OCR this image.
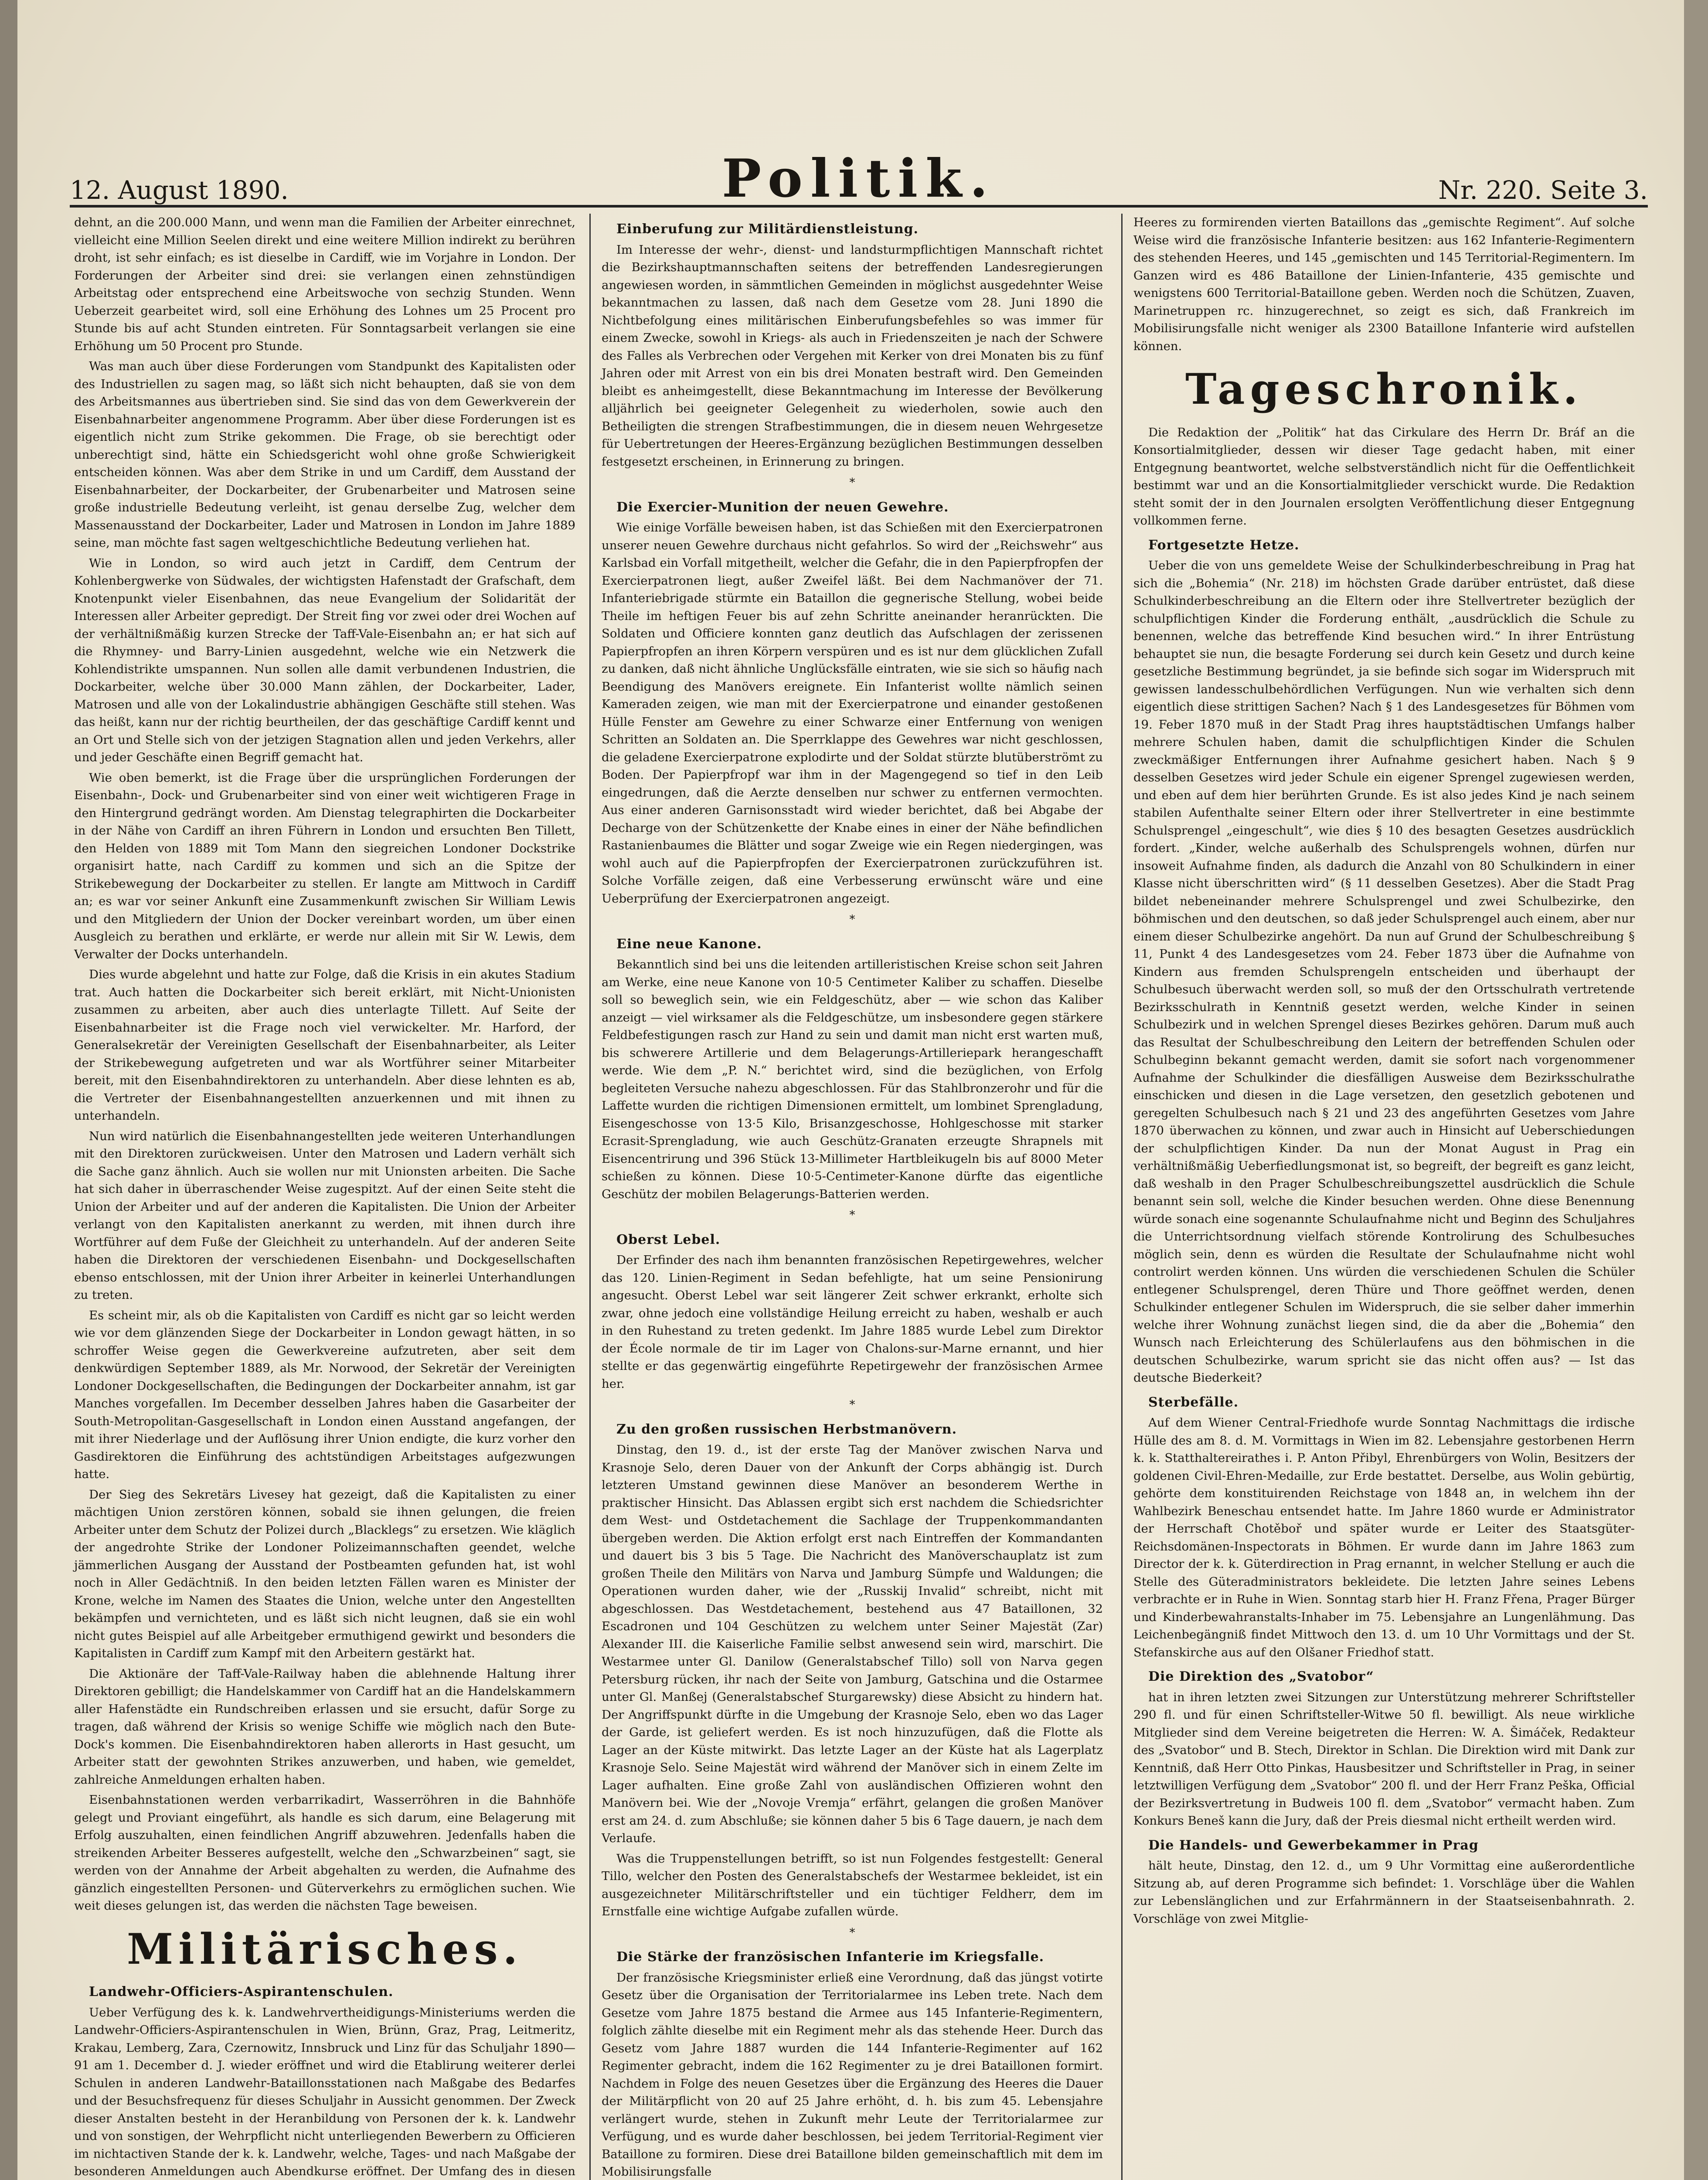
12. August 1890.	Politik.	Nr. 220. Seite 3.

dehnt, an die 200.000 Mann, und wenn man die Familien der Arbeiter einrechnet, vielleicht eine Million Seelen direkt und eine weitere Million indirekt zu berühren droht, ist sehr einfach; es ist dieselbe in Cardiff, wie im Vorjahre in London. Der Forderungen der Arbeiter sind drei: sie verlangen einen zehnstündigen Arbeitstag oder entsprechend eine Arbeitswoche von sechzig Stunden. Wenn Ueberzeit gearbeitet wird, soll eine Erhöhung des Lohnes um 25 Procent pro Stunde bis auf acht Stunden eintreten. Für Sonntagsarbeit verlangen sie eine Erhöhung um 50 Procent pro Stunde.

Was man auch über diese Forderungen vom Standpunkt des Kapitalisten oder des Industriellen zu sagen mag, so läßt sich nicht behaupten, daß sie von dem des Arbeitsmannes aus übertrieben sind. Sie sind das von dem Gewerkverein der Eisenbahnarbeiter angenommene Programm. Aber über diese Forderungen ist es eigentlich nicht zum Strike gekommen. Die Frage, ob sie berechtigt oder unberechtigt sind, hätte ein Schiedsgericht wohl ohne große Schwierigkeit entscheiden können. Was aber dem Strike in und um Cardiff, dem Ausstand der Eisenbahnarbeiter, der Dockarbeiter, der Grubenarbeiter und Matrosen seine große industrielle Bedeutung verleiht, ist genau derselbe Zug, welcher dem Massenausstand der Dockarbeiter, Lader und Matrosen in London im Jahre 1889 seine, man möchte fast sagen weltgeschichtliche Bedeutung verliehen hat.

Wie in London, so wird auch jetzt in Cardiff, dem Centrum der Kohlenbergwerke von Südwales, der wichtigsten Hafenstadt der Grafschaft, dem Knotenpunkt vieler Eisenbahnen, das neue Evangelium der Solidarität der Interessen aller Arbeiter gepredigt. Der Streit fing vor zwei oder drei Wochen auf der verhältnißmäßig kurzen Strecke der Taff-Vale-Eisenbahn an; er hat sich auf die Rhymney- und Barry-Linien ausgedehnt, welche wie ein Netzwerk die Kohlendistrikte umspannen. Nun sollen alle damit verbundenen Industrien, die Dockarbeiter, welche über 30.000 Mann zählen, der Dockarbeiter, Lader, Matrosen und alle von der Lokalindustrie abhängigen Geschäfte still stehen. Was das heißt, kann nur der richtig beurtheilen, der das geschäftige Cardiff kennt und an Ort und Stelle sich von der jetzigen Stagnation allen und jeden Verkehrs, aller und jeder Geschäfte einen Begriff gemacht hat.

Wie oben bemerkt, ist die Frage über die ursprünglichen Forderungen der Eisenbahn-, Dock- und Grubenarbeiter sind von einer weit wichtigeren Frage in den Hintergrund gedrängt worden. Am Dienstag telegraphirten die Dockarbeiter in der Nähe von Cardiff an ihren Führern in London und ersuchten Ben Tillett, den Helden von 1889 mit Tom Mann den siegreichen Londoner Dockstrike organisirt hatte, nach Cardiff zu kommen und sich an die Spitze der Strikebewegung der Dockarbeiter zu stellen. Er langte am Mittwoch in Cardiff an; es war vor seiner Ankunft eine Zusammenkunft zwischen Sir William Lewis und den Mitgliedern der Union der Docker vereinbart worden, um über einen Ausgleich zu berathen und erklärte, er werde nur allein mit Sir W. Lewis, dem Verwalter der Docks unterhandeln.

Dies wurde abgelehnt und hatte zur Folge, daß die Krisis in ein akutes Stadium trat. Auch hatten die Dockarbeiter sich bereit erklärt, mit Nicht-Unionisten zusammen zu arbeiten, aber auch dies unterlagte Tillett. Auf Seite der Eisenbahnarbeiter ist die Frage noch viel verwickelter. Mr. Harford, der Generalsekretär der Vereinigten Gesellschaft der Eisenbahnarbeiter, als Leiter der Strikebewegung aufgetreten und war als Wortführer seiner Mitarbeiter bereit, mit den Eisenbahndirektoren zu unterhandeln. Aber diese lehnten es ab, die Vertreter der Eisenbahnangestellten anzuerkennen und mit ihnen zu unterhandeln.

Nun wird natürlich die Eisenbahnangestellten jede weiteren Unterhandlungen mit den Direktoren zurückweisen. Unter den Matrosen und Ladern verhält sich die Sache ganz ähnlich. Auch sie wollen nur mit Unionsten arbeiten. Die Sache hat sich daher in überraschender Weise zugespitzt. Auf der einen Seite steht die Union der Arbeiter und auf der anderen die Kapitalisten. Die Union der Arbeiter verlangt von den Kapitalisten anerkannt zu werden, mit ihnen durch ihre Wortführer auf dem Fuße der Gleichheit zu unterhandeln. Auf der anderen Seite haben die Direktoren der verschiedenen Eisenbahn- und Dockgesellschaften ebenso entschlossen, mit der Union ihrer Arbeiter in keinerlei Unterhandlungen zu treten.

Es scheint mir, als ob die Kapitalisten von Cardiff es nicht gar so leicht werden wie vor dem glänzenden Siege der Dockarbeiter in London gewagt hätten, in so schroffer Weise gegen die Gewerkvereine aufzutreten, aber seit dem denkwürdigen September 1889, als Mr. Norwood, der Sekretär der Vereinigten Londoner Dockgesellschaften, die Bedingungen der Dockarbeiter annahm, ist gar Manches vorgefallen. Im December desselben Jahres haben die Gasarbeiter der South-Metropolitan-Gasgesellschaft in London einen Ausstand angefangen, der mit ihrer Niederlage und der Auflösung ihrer Union endigte, die kurz vorher den Gasdirektoren die Einführung des achtstündigen Arbeitstages aufgezwungen hatte.

Der Sieg des Sekretärs Livesey hat gezeigt, daß die Kapitalisten zu einer mächtigen Union zerstören können, sobald sie ihnen gelungen, die freien Arbeiter unter dem Schutz der Polizei durch „Blacklegs“ zu ersetzen. Wie kläglich der angedrohte Strike der Londoner Polizeimannschaften geendet, welche jämmerlichen Ausgang der Ausstand der Postbeamten gefunden hat, ist wohl noch in Aller Gedächtniß. In den beiden letzten Fällen waren es Minister der Krone, welche im Namen des Staates die Union, welche unter den Angestellten bekämpfen und vernichteten, und es läßt sich nicht leugnen, daß sie ein wohl nicht gutes Beispiel auf alle Arbeitgeber ermuthigend gewirkt und besonders die Kapitalisten in Cardiff zum Kampf mit den Arbeitern gestärkt hat.

Die Aktionäre der Taff-Vale-Railway haben die ablehnende Haltung ihrer Direktoren gebilligt; die Handelskammer von Cardiff hat an die Handelskammern aller Hafenstädte ein Rundschreiben erlassen und sie ersucht, dafür Sorge zu tragen, daß während der Krisis so wenige Schiffe wie möglich nach den Bute-Dock's kommen. Die Eisenbahndirektoren haben allerorts in Hast gesucht, um Arbeiter statt der gewohnten Strikes anzuwerben, und haben, wie gemeldet, zahlreiche Anmeldungen erhalten haben.

Eisenbahnstationen werden verbarrikadirt, Wasserröhren in die Bahnhöfe gelegt und Proviant eingeführt, als handle es sich darum, eine Belagerung mit Erfolg auszuhalten, einen feindlichen Angriff abzuwehren. Jedenfalls haben die streikenden Arbeiter Besseres aufgestellt, welche den „Schwarzbeinen“ sagt, sie werden von der Annahme der Arbeit abgehalten zu werden, die Aufnahme des gänzlich eingestellten Personen- und Güterverkehrs zu ermöglichen suchen. Wie weit dieses gelungen ist, das werden die nächsten Tage beweisen.

Militärisches.
Landwehr-Officiers-Aspirantenschulen.

Ueber Verfügung des k. k. Landwehrvertheidigungs-Ministeriums werden die Landwehr-Officiers-Aspirantenschulen in Wien, Brünn, Graz, Prag, Leitmeritz, Krakau, Lemberg, Zara, Czernowitz, Innsbruck und Linz für das Schuljahr 1890—91 am 1. December d. J. wieder eröffnet und wird die Etablirung weiterer derlei Schulen in anderen Landwehr-Bataillonsstationen nach Maßgabe des Bedarfes und der Besuchsfrequenz für dieses Schuljahr in Aussicht genommen. Der Zweck dieser Anstalten besteht in der Heranbildung von Personen der k. k. Landwehr und von sonstigen, der Wehrpflicht nicht unterliegenden Bewerbern zu Officieren im nichtactiven Stande der k. k. Landwehr, welche, Tages- und nach Maßgabe der besonderen Anmeldungen auch Abendkurse eröffnet. Der Umfang des in diesen

Einberufung zur Militärdienstleistung.

Im Interesse der wehr-, dienst- und landsturmpflichtigen Mannschaft richtet die Bezirkshauptmannschaften seitens der betreffenden Landesregierungen angewiesen worden, in sämmtlichen Gemeinden in möglichst ausgedehnter Weise bekanntmachen zu lassen, daß nach dem Gesetze vom 28. Juni 1890 die Nichtbefolgung eines militärischen Einberufungsbefehles so was immer für einem Zwecke, sowohl in Kriegs- als auch in Friedenszeiten je nach der Schwere des Falles als Verbrechen oder Vergehen mit Kerker von drei Monaten bis zu fünf Jahren oder mit Arrest von ein bis drei Monaten bestraft wird. Den Gemeinden bleibt es anheimgestellt, diese Bekanntmachung im Interesse der Bevölkerung alljährlich bei geeigneter Gelegenheit zu wiederholen, sowie auch den Betheiligten die strengen Strafbestimmungen, die in diesem neuen Wehrgesetze für Uebertretungen der Heeres-Ergänzung bezüglichen Bestimmungen desselben festgesetzt erscheinen, in Erinnerung zu bringen.

*
Die Exercier-Munition der neuen Gewehre.

Wie einige Vorfälle beweisen haben, ist das Schießen mit den Exercierpatronen unserer neuen Gewehre durchaus nicht gefahrlos. So wird der „Reichswehr“ aus Karlsbad ein Vorfall mitgetheilt, welcher die Gefahr, die in den Papierpfropfen der Exercierpatronen liegt, außer Zweifel läßt. Bei dem Nachmanöver der 71. Infanteriebrigade stürmte ein Bataillon die gegnerische Stellung, wobei beide Theile im heftigen Feuer bis auf zehn Schritte aneinander heranrückten. Die Soldaten und Officiere konnten ganz deutlich das Aufschlagen der zerissenen Papierpfropfen an ihren Körpern verspüren und es ist nur dem glücklichen Zufall zu danken, daß nicht ähnliche Unglücksfälle eintraten, wie sie sich so häufig nach Beendigung des Manövers ereignete. Ein Infanterist wollte nämlich seinen Kameraden zeigen, wie man mit der Exercierpatrone und einander gestoßenen Hülle Fenster am Gewehre zu einer Schwarze einer Entfernung von wenigen Schritten an Soldaten an. Die Sperrklappe des Gewehres war nicht geschlossen, die geladene Exercierpatrone explodirte und der Soldat stürzte blutüberströmt zu Boden. Der Papierpfropf war ihm in der Magengegend so tief in den Leib eingedrungen, daß die Aerzte denselben nur schwer zu entfernen vermochten. Aus einer anderen Garnisonsstadt wird wieder berichtet, daß bei Abgabe der Decharge von der Schützenkette der Knabe eines in einer der Nähe befindlichen Rastanienbaumes die Blätter und sogar Zweige wie ein Regen niedergingen, was wohl auch auf die Papierpfropfen der Exercierpatronen zurückzuführen ist. Solche Vorfälle zeigen, daß eine Verbesserung erwünscht wäre und eine Ueberprüfung der Exercierpatronen angezeigt.

*
Eine neue Kanone.

Bekanntlich sind bei uns die leitenden artilleristischen Kreise schon seit Jahren am Werke, eine neue Kanone von 10·5 Centimeter Kaliber zu schaffen. Dieselbe soll so beweglich sein, wie ein Feldgeschütz, aber — wie schon das Kaliber anzeigt — viel wirksamer als die Feldgeschütze, um insbesondere gegen stärkere Feldbefestigungen rasch zur Hand zu sein und damit man nicht erst warten muß, bis schwerere Artillerie und dem Belagerungs-Artilleriepark herangeschafft werde. Wie dem „P. N.“ berichtet wird, sind die bezüglichen, von Erfolg begleiteten Versuche nahezu abgeschlossen. Für das Stahlbronzerohr und für die Laffette wurden die richtigen Dimensionen ermittelt, um lombinet Sprengladung, Eisengeschosse von 13·5 Kilo, Brisanzgeschosse, Hohlgeschosse mit starker Ecrasit-Sprengladung, wie auch Geschütz-Granaten erzeugte Shrapnels mit Eisencentrirung und 396 Stück 13-Millimeter Hartbleikugeln bis auf 8000 Meter schießen zu können. Diese 10·5-Centimeter-Kanone dürfte das eigentliche Geschütz der mobilen Belagerungs-Batterien werden.

*
Oberst Lebel.

Der Erfinder des nach ihm benannten französischen Repetirgewehres, welcher das 120. Linien-Regiment in Sedan befehligte, hat um seine Pensionirung angesucht. Oberst Lebel war seit längerer Zeit schwer erkrankt, erholte sich zwar, ohne jedoch eine vollständige Heilung erreicht zu haben, weshalb er auch in den Ruhestand zu treten gedenkt. Im Jahre 1885 wurde Lebel zum Direktor der École normale de tir im Lager von Chalons-sur-Marne ernannt, und hier stellte er das gegenwärtig eingeführte Repetirgewehr der französischen Armee her.

*
Zu den großen russischen Herbstmanövern.

Dinstag, den 19. d., ist der erste Tag der Manöver zwischen Narva und Krasnoje Selo, deren Dauer von der Ankunft der Corps abhängig ist. Durch letzteren Umstand gewinnen diese Manöver an besonderem Werthe in praktischer Hinsicht. Das Ablassen ergibt sich erst nachdem die Schiedsrichter dem West- und Ostdetachement die Sachlage der Truppenkommandanten übergeben werden. Die Aktion erfolgt erst nach Eintreffen der Kommandanten und dauert bis 3 bis 5 Tage. Die Nachricht des Manöverschauplatz ist zum großen Theile den Militärs von Narva und Jamburg Sümpfe und Waldungen; die Operationen wurden daher, wie der „Russkij Invalid“ schreibt, nicht mit abgeschlossen. Das Westdetachement, bestehend aus 47 Bataillonen, 32 Escadronen und 104 Geschützen zu welchem unter Seiner Majestät (Zar) Alexander III. die Kaiserliche Familie selbst anwesend sein wird, marschirt. Die Westarmee unter Gl. Danilow (Generalstabschef Tillo) soll von Narva gegen Petersburg rücken, ihr nach der Seite von Jamburg, Gatschina und die Ostarmee unter Gl. Manßej (Generalstabschef Sturgarewsky) diese Absicht zu hindern hat. Der Angriffspunkt dürfte in die Umgebung der Krasnoje Selo, eben wo das Lager der Garde, ist geliefert werden. Es ist noch hinzuzufügen, daß die Flotte als Lager an der Küste mitwirkt. Das letzte Lager an der Küste hat als Lagerplatz Krasnoje Selo. Seine Majestät wird während der Manöver sich in einem Zelte im Lager aufhalten. Eine große Zahl von ausländischen Offizieren wohnt den Manövern bei. Wie der „Novoje Vremja“ erfährt, gelangen die großen Manöver erst am 24. d. zum Abschluße; sie können daher 5 bis 6 Tage dauern, je nach dem Verlaufe.

Was die Truppenstellungen betrifft, so ist nun Folgendes festgestellt: General Tillo, welcher den Posten des Generalstabschefs der Westarmee bekleidet, ist ein ausgezeichneter Militärschriftsteller und ein tüchtiger Feldherr, dem im Ernstfalle eine wichtige Aufgabe zufallen würde.

*
Die Stärke der französischen Infanterie im Kriegsfalle.

Der französische Kriegsminister erließ eine Verordnung, daß das jüngst votirte Gesetz über die Organisation der Territorialarmee ins Leben trete. Nach dem Gesetze vom Jahre 1875 bestand die Armee aus 145 Infanterie-Regimentern, folglich zählte dieselbe mit ein Regiment mehr als das stehende Heer. Durch das Gesetz vom Jahre 1887 wurden die 144 Infanterie-Regimenter auf 162 Regimenter gebracht, indem die 162 Regimenter zu je drei Bataillonen formirt. Nachdem in Folge des neuen Gesetzes über die Ergänzung des Heeres die Dauer der Militärpflicht von 20 auf 25 Jahre erhöht, d. h. bis zum 45. Lebensjahre verlängert wurde, stehen in Zukunft mehr Leute der Territorialarmee zur Verfügung, und es wurde daher beschlossen, bei jedem Territorial-Regiment vier Bataillone zu formiren. Diese drei Bataillone bilden gemeinschaftlich mit dem im Mobilisirungsfalle

Heeres zu formirenden vierten Bataillons das „gemischte Regiment“. Auf solche Weise wird die französische Infanterie besitzen: aus 162 Infanterie-Regimentern des stehenden Heeres, und 145 „gemischten und 145 Territorial-Regimentern. Im Ganzen wird es 486 Bataillone der Linien-Infanterie, 435 gemischte und wenigstens 600 Territorial-Bataillone geben. Werden noch die Schützen, Zuaven, Marinetruppen rc. hinzugerechnet, so zeigt es sich, daß Frankreich im Mobilisirungsfalle nicht weniger als 2300 Bataillone Infanterie wird aufstellen können.

Tageschronik.

Die Redaktion der „Politik“ hat das Cirkulare des Herrn Dr. Bráf an die Konsortialmitglieder, dessen wir dieser Tage gedacht haben, mit einer Entgegnung beantwortet, welche selbstverständlich nicht für die Oeffentlichkeit bestimmt war und an die Konsortialmitglieder verschickt wurde. Die Redaktion steht somit der in den Journalen ersolgten Veröffentlichung dieser Entgegnung vollkommen ferne.

Fortgesetzte Hetze.

Ueber die von uns gemeldete Weise der Schulkinderbeschreibung in Prag hat sich die „Bohemia“ (Nr. 218) im höchsten Grade darüber entrüstet, daß diese Schulkinderbeschreibung an die Eltern oder ihre Stellvertreter bezüglich der schulpflichtigen Kinder die Forderung enthält, „ausdrücklich die Schule zu benennen, welche das betreffende Kind besuchen wird.“ In ihrer Entrüstung behauptet sie nun, die besagte Forderung sei durch kein Gesetz und durch keine gesetzliche Bestimmung begründet, ja sie befinde sich sogar im Widerspruch mit gewissen landesschulbehördlichen Verfügungen. Nun wie verhalten sich denn eigentlich diese strittigen Sachen? Nach § 1 des Landesgesetzes für Böhmen vom 19. Feber 1870 muß in der Stadt Prag ihres hauptstädtischen Umfangs halber mehrere Schulen haben, damit die schulpflichtigen Kinder die Schulen zweckmäßiger Entfernungen ihrer Aufnahme gesichert haben. Nach § 9 desselben Gesetzes wird jeder Schule ein eigener Sprengel zugewiesen werden, und eben auf dem hier berührten Grunde. Es ist also jedes Kind je nach seinem stabilen Aufenthalte seiner Eltern oder ihrer Stellvertreter in eine bestimmte Schulsprengel „eingeschult“, wie dies § 10 des besagten Gesetzes ausdrücklich fordert. „Kinder, welche außerhalb des Schulsprengels wohnen, dürfen nur insoweit Aufnahme finden, als dadurch die Anzahl von 80 Schulkindern in einer Klasse nicht überschritten wird“ (§ 11 desselben Gesetzes). Aber die Stadt Prag bildet nebeneinander mehrere Schulsprengel und zwei Schulbezirke, den böhmischen und den deutschen, so daß jeder Schulsprengel auch einem, aber nur einem dieser Schulbezirke angehört. Da nun auf Grund der Schulbeschreibung § 11, Punkt 4 des Landesgesetzes vom 24. Feber 1873 über die Aufnahme von Kindern aus fremden Schulsprengeln entscheiden und überhaupt der Schulbesuch überwacht werden soll, so muß der den Ortsschulrath vertretende Bezirksschulrath in Kenntniß gesetzt werden, welche Kinder in seinen Schulbezirk und in welchen Sprengel dieses Bezirkes gehören. Darum muß auch das Resultat der Schulbeschreibung den Leitern der betreffenden Schulen oder Schulbeginn bekannt gemacht werden, damit sie sofort nach vorgenommener Aufnahme der Schulkinder die diesfälligen Ausweise dem Bezirksschulrathe einschicken und diesen in die Lage versetzen, den gesetzlich gebotenen und geregelten Schulbesuch nach § 21 und 23 des angeführten Gesetzes vom Jahre 1870 überwachen zu können, und zwar auch in Hinsicht auf Ueberschiedungen der schulpflichtigen Kinder. Da nun der Monat August in Prag ein verhältnißmäßig Ueberfiedlungsmonat ist, so begreift, der begreift es ganz leicht, daß weshalb in den Prager Schulbeschreibungszettel ausdrücklich die Schule benannt sein soll, welche die Kinder besuchen werden. Ohne diese Benennung würde sonach eine sogenannte Schulaufnahme nicht und Beginn des Schuljahres die Unterrichtsordnung vielfach störende Kontrolirung des Schulbesuches möglich sein, denn es würden die Resultate der Schulaufnahme nicht wohl controlirt werden können. Uns würden die verschiedenen Schulen die Schüler entlegener Schulsprengel, deren Thüre und Thore geöffnet werden, denen Schulkinder entlegener Schulen im Widerspruch, die sie selber daher immerhin welche ihrer Wohnung zunächst liegen sind, die da aber die „Bohemia“ den Wunsch nach Erleichterung des Schülerlaufens aus den böhmischen in die deutschen Schulbezirke, warum spricht sie das nicht offen aus? — Ist das deutsche Biederkeit?

Sterbefälle.

Auf dem Wiener Central-Friedhofe wurde Sonntag Nachmittags die irdische Hülle des am 8. d. M. Vormittags in Wien im 82. Lebensjahre gestorbenen Herrn k. k. Statthaltereirathes i. P. Anton Přibyl, Ehrenbürgers von Wolin, Besitzers der goldenen Civil-Ehren-Medaille, zur Erde bestattet. Derselbe, aus Wolin gebürtig, gehörte dem konstituirenden Reichstage von 1848 an, in welchem ihn der Wahlbezirk Beneschau entsendet hatte. Im Jahre 1860 wurde er Administrator der Herrschaft Chotěboř und später wurde er Leiter des Staatsgüter-Reichsdomänen-Inspectorats in Böhmen. Er wurde dann im Jahre 1863 zum Director der k. k. Güterdirection in Prag ernannt, in welcher Stellung er auch die Stelle des Güteradministrators bekleidete. Die letzten Jahre seines Lebens verbrachte er in Ruhe in Wien. Sonntag starb hier H. Franz Fřena, Prager Bürger und Kinderbewahranstalts-Inhaber im 75. Lebensjahre an Lungenlähmung. Das Leichenbegängniß findet Mittwoch den 13. d. um 10 Uhr Vormittags und der St. Stefanskirche aus auf den Olšaner Friedhof statt.

Die Direktion des „Svatobor“

hat in ihren letzten zwei Sitzungen zur Unterstützung mehrerer Schriftsteller 290 fl. und für einen Schriftsteller-Witwe 50 fl. bewilligt. Als neue wirkliche Mitglieder sind dem Vereine beigetreten die Herren: W. A. Šimáček, Redakteur des „Svatobor“ und B. Stech, Direktor in Schlan. Die Direktion wird mit Dank zur Kenntniß, daß Herr Otto Pinkas, Hausbesitzer und Schriftsteller in Prag, in seiner letztwilligen Verfügung dem „Svatobor“ 200 fl. und der Herr Franz Peška, Official der Bezirksvertretung in Budweis 100 fl. dem „Svatobor“ vermacht haben. Zum Konkurs Beneš kann die Jury, daß der Preis diesmal nicht ertheilt werden wird.

Die Handels- und Gewerbekammer in Prag

hält heute, Dinstag, den 12. d., um 9 Uhr Vormittag eine außerordentliche Sitzung ab, auf deren Programme sich befindet: 1. Vorschläge über die Wahlen zur Lebenslänglichen und zur Erfahrmännern in der Staatseisenbahnrath. 2. Vorschläge von zwei Mitglie-
